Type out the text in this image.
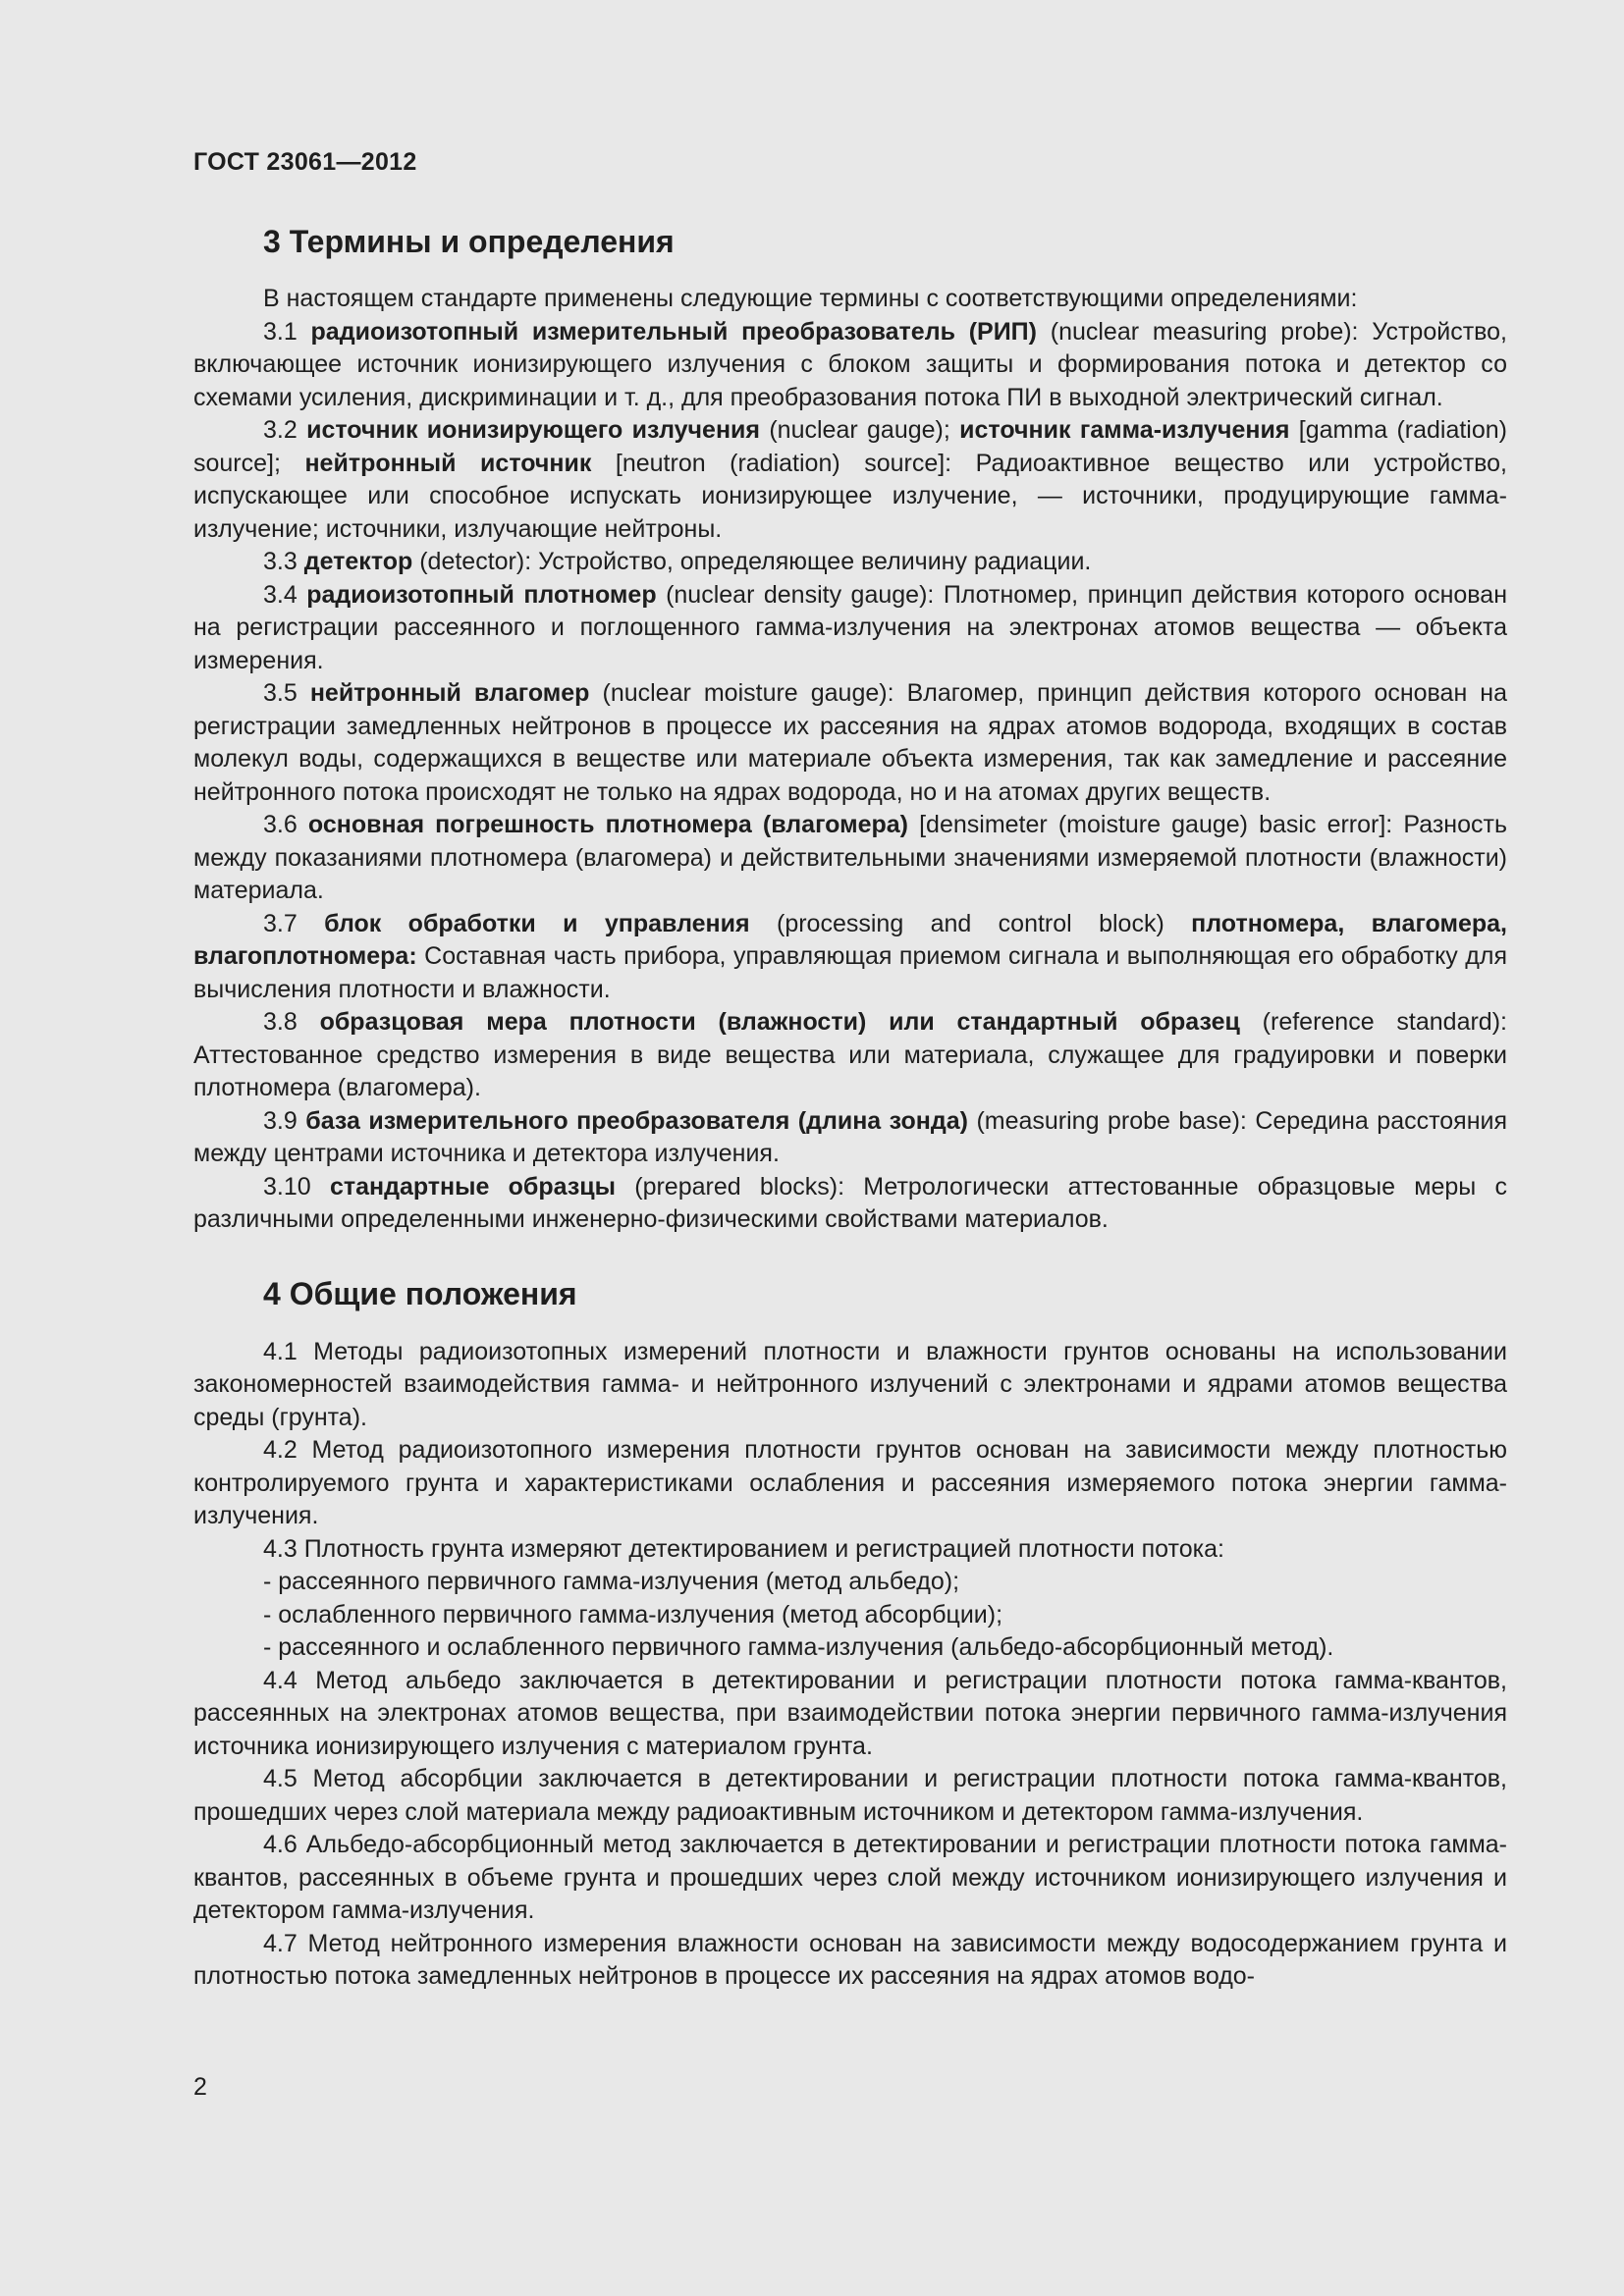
ГОСТ 23061—2012
3 Термины и определения

В настоящем стандарте применены следующие термины с соответствующими определениями:

3.1 радиоизотопный измерительный преобразователь (РИП) (nuclear measuring probe): Устройство, включающее источник ионизирующего излучения с блоком защиты и формирования потока и детектор со схемами усиления, дискриминации и т. д., для преобразования потока ПИ в выходной электрический сигнал.

3.2 источник ионизирующего излучения (nuclear gauge); источник гамма-излучения [gamma (radiation) source]; нейтронный источник [neutron (radiation) source]: Радиоактивное вещество или устройство, испускающее или способное испускать ионизирующее излучение, — источники, продуцирующие гамма-излучение; источники, излучающие нейтроны.

3.3 детектор (detector): Устройство, определяющее величину радиации.

3.4 радиоизотопный плотномер (nuclear density gauge): Плотномер, принцип действия которого основан на регистрации рассеянного и поглощенного гамма-излучения на электронах атомов вещества — объекта измерения.

3.5 нейтронный влагомер (nuclear moisture gauge): Влагомер, принцип действия которого основан на регистрации замедленных нейтронов в процессе их рассеяния на ядрах атомов водорода, входящих в состав молекул воды, содержащихся в веществе или материале объекта измерения, так как замедление и рассеяние нейтронного потока происходят не только на ядрах водорода, но и на атомах других веществ.

3.6 основная погрешность плотномера (влагомера) [densimeter (moisture gauge) basic error]: Разность между показаниями плотномера (влагомера) и действительными значениями измеряемой плотности (влажности) материала.

3.7 блок обработки и управления (processing and control block) плотномера, влагомера, влагоплотномера: Составная часть прибора, управляющая приемом сигнала и выполняющая его обработку для вычисления плотности и влажности.

3.8 образцовая мера плотности (влажности) или стандартный образец (reference standard): Аттестованное средство измерения в виде вещества или материала, служащее для градуировки и поверки плотномера (влагомера).

3.9 база измерительного преобразователя (длина зонда) (measuring probe base): Середина расстояния между центрами источника и детектора излучения.

3.10 стандартные образцы (prepared blocks): Метрологически аттестованные образцовые меры с различными определенными инженерно-физическими свойствами материалов.

4 Общие положения

4.1 Методы радиоизотопных измерений плотности и влажности грунтов основаны на использовании закономерностей взаимодействия гамма- и нейтронного излучений с электронами и ядрами атомов вещества среды (грунта).

4.2 Метод радиоизотопного измерения плотности грунтов основан на зависимости между плотностью контролируемого грунта и характеристиками ослабления и рассеяния измеряемого потока энергии гамма-излучения.

4.3 Плотность грунта измеряют детектированием и регистрацией плотности потока:

- рассеянного первичного гамма-излучения (метод альбедо);

- ослабленного первичного гамма-излучения (метод абсорбции);

- рассеянного и ослабленного первичного гамма-излучения (альбедо-абсорбционный метод).

4.4 Метод альбедо заключается в детектировании и регистрации плотности потока гамма-квантов, рассеянных на электронах атомов вещества, при взаимодействии потока энергии первичного гамма-излучения источника ионизирующего излучения с материалом грунта.

4.5 Метод абсорбции заключается в детектировании и регистрации плотности потока гамма-квантов, прошедших через слой материала между радиоактивным источником и детектором гамма-излучения.

4.6 Альбедо-абсорбционный метод заключается в детектировании и регистрации плотности потока гамма-квантов, рассеянных в объеме грунта и прошедших через слой между источником ионизирующего излучения и детектором гамма-излучения.

4.7 Метод нейтронного измерения влажности основан на зависимости между водосодержанием грунта и плотностью потока замедленных нейтронов в процессе их рассеяния на ядрах атомов водо-

2
